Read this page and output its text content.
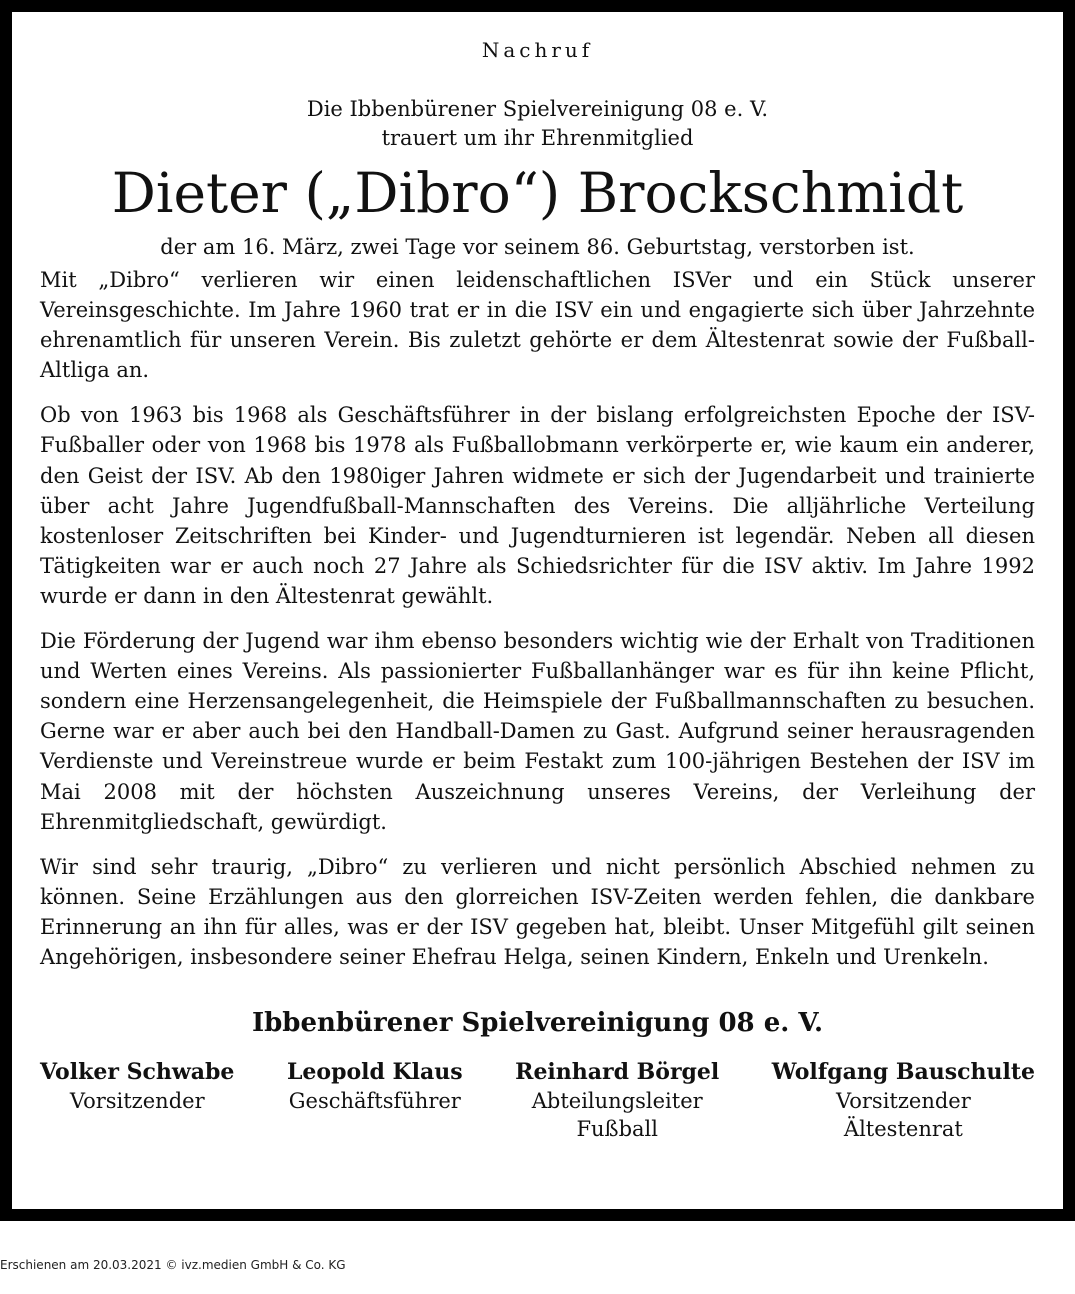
Nachruf
Die Ibbenbürener Spielvereinigung 08 e. V.
trauert um ihr Ehrenmitglied
Dieter („Dibro“) Brockschmidt
der am 16. März, zwei Tage vor seinem 86. Geburtstag, verstorben ist.

Mit „Dibro“ verlieren wir einen leidenschaftlichen ISVer und ein Stück unserer Vereinsgeschichte. Im Jahre 1960 trat er in die ISV ein und engagierte sich über Jahrzehnte ehrenamtlich für unseren Verein. Bis zuletzt gehörte er dem Ältestenrat sowie der Fußball-Altliga an.

Ob von 1963 bis 1968 als Geschäftsführer in der bislang erfolgreichsten Epoche der ISV-Fußballer oder von 1968 bis 1978 als Fußballobmann verkörperte er, wie kaum ein anderer, den Geist der ISV. Ab den 1980iger Jahren widmete er sich der Jugendarbeit und trainierte über acht Jahre Jugendfußball-Mannschaften des Vereins. Die alljährliche Verteilung kostenloser Zeitschriften bei Kinder- und Jugendturnieren ist legendär. Neben all diesen Tätigkeiten war er auch noch 27 Jahre als Schiedsrichter für die ISV aktiv. Im Jahre 1992 wurde er dann in den Ältestenrat gewählt.

Die Förderung der Jugend war ihm ebenso besonders wichtig wie der Erhalt von Traditionen und Werten eines Vereins. Als passionierter Fußballanhänger war es für ihn keine Pflicht, sondern eine Herzensangelegenheit, die Heimspiele der Fußballmannschaften zu besuchen. Gerne war er aber auch bei den Handball-Damen zu Gast. Aufgrund seiner herausragenden Verdienste und Vereinstreue wurde er beim Festakt zum 100-jährigen Bestehen der ISV im Mai 2008 mit der höchsten Auszeichnung unseres Vereins, der Verleihung der Ehrenmitgliedschaft, gewürdigt.

Wir sind sehr traurig, „Dibro“ zu verlieren und nicht persönlich Abschied nehmen zu können. Seine Erzählungen aus den glorreichen ISV-Zeiten werden fehlen, die dankbare Erinnerung an ihn für alles, was er der ISV gegeben hat, bleibt. Unser Mitgefühl gilt seinen Angehörigen, insbesondere seiner Ehefrau Helga, seinen Kindern, Enkeln und Urenkeln.

Ibbenbürener Spielvereinigung 08 e. V.
Volker Schwabe
Vorsitzender
Leopold Klaus
Geschäftsführer
Reinhard Börgel
Abteilungsleiter
Fußball
Wolfgang Bauschulte
Vorsitzender
Ältestenrat
Erschienen am 20.03.2021 © ivz.medien GmbH & Co. KG
